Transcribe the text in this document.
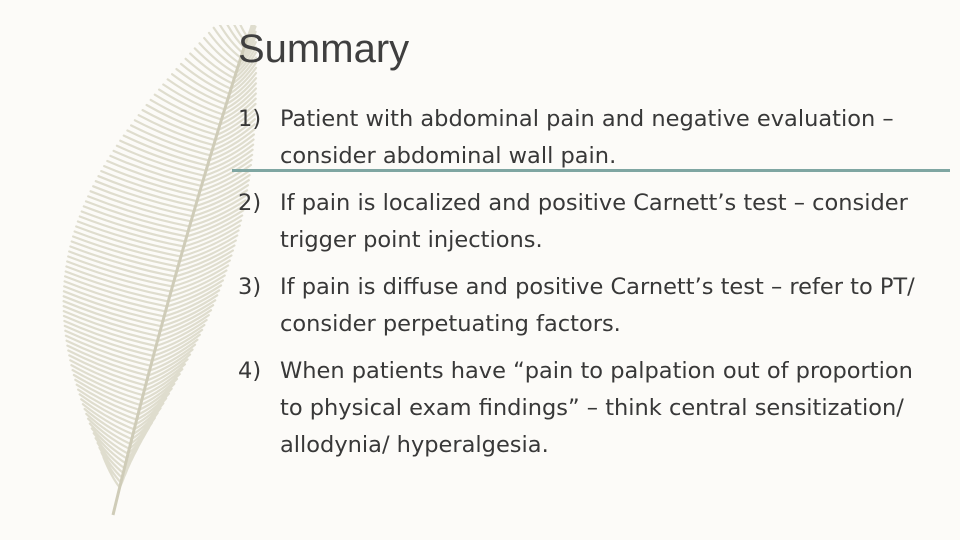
Summary
1) Patient with abdominal pain and negative evaluation – consider abdominal wall pain.
2) If pain is localized and positive Carnett’s test – consider trigger point injections.
3) If pain is diffuse and positive Carnett’s test – refer to PT/ consider perpetuating factors.
4) When patients have “pain to palpation out of proportion to physical exam findings” – think central sensitization/ allodynia/ hyperalgesia.
